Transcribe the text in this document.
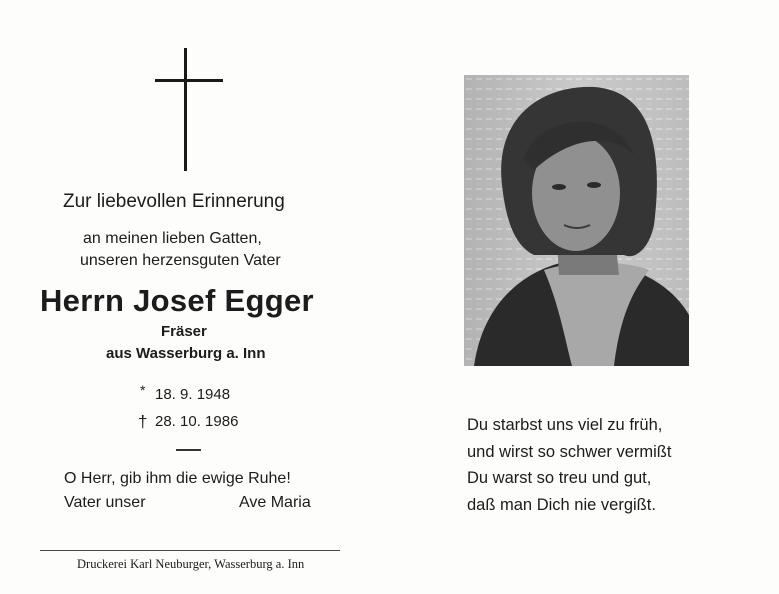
Zur liebevollen Erinnerung
an meinen lieben Gatten,
unseren herzensguten Vater
Herrn Josef Egger
Fräser
aus Wasserburg a. Inn
* 18. 9. 1948
† 28. 10. 1986
O Herr, gib ihm die ewige Ruhe!
Vater unser	Ave Maria
Druckerei Karl Neuburger, Wasserburg a. Inn
Du starbst uns viel zu früh,
und wirst so schwer vermißt
Du warst so treu und gut,
daß man Dich nie vergißt.
